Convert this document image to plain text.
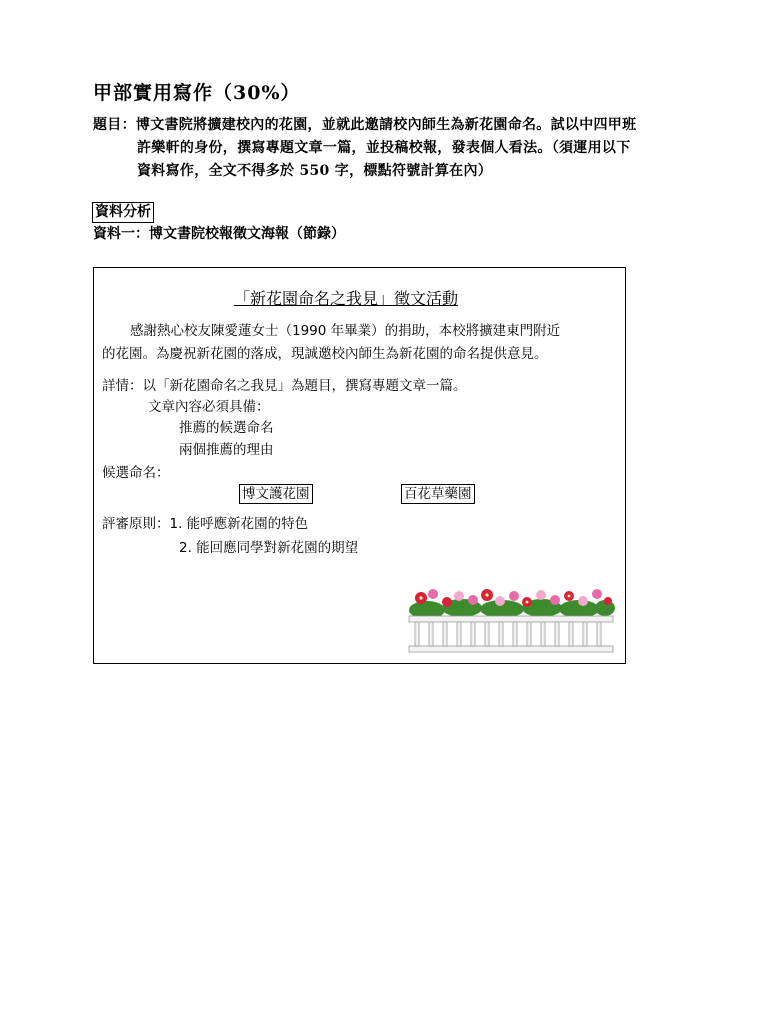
甲部實用寫作（30%）
題目：博文書院將擴建校內的花園，並就此邀請校內師生為新花園命名。試以中四甲班
許樂軒的身份，撰寫專題文章一篇，並投稿校報，發表個人看法。（須運用以下
資料寫作，全文不得多於 550 字，標點符號計算在內）
資料分析
資料一：博文書院校報徵文海報（節錄）
「新花園命名之我見」徵文活動
感謝熱心校友陳愛蓮女士（1990 年畢業）的捐助，本校將擴建東門附近
的花園。為慶祝新花園的落成，現誠邀校內師生為新花園的命名提供意見。
詳情：以「新花園命名之我見」為題目，撰寫專題文章一篇。
文章內容必須具備：
推薦的候選命名
兩個推薦的理由
候選命名：
博文護花園	百花草藥園
評審原則：1. 能呼應新花園的特色
2. 能回應同學對新花園的期望
